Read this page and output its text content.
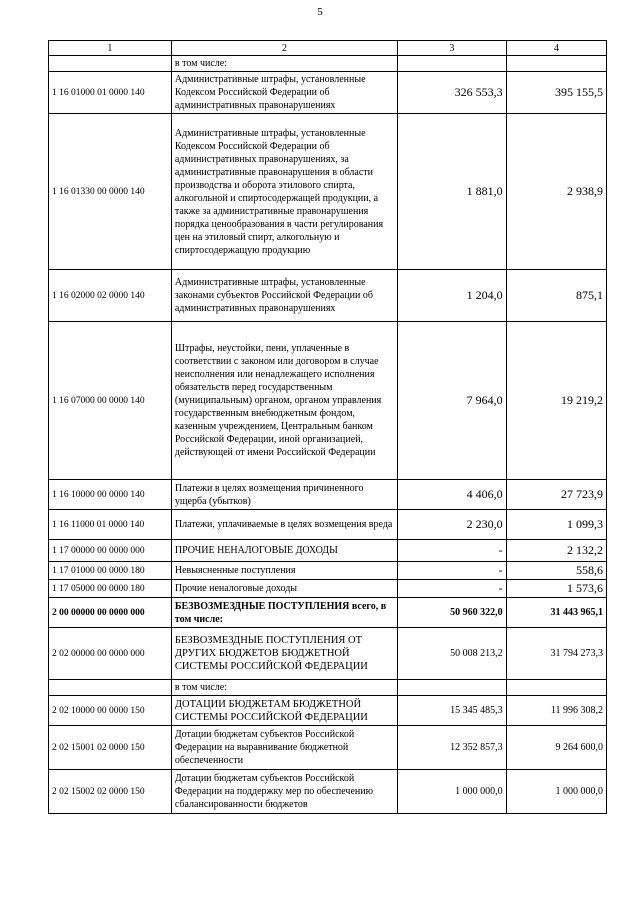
5
1	2	3	4
	в том числе:		
1 16 01000 01 0000 140	Административные штрафы, установленные Кодексом Российской Федерации об административных правонарушениях	326 553,3	395 155,5
1 16 01330 00 0000 140	Административные штрафы, установленные Кодексом Российской Федерации об административных правонарушениях, за административные правонарушения в области производства и оборота этилового спирта, алкогольной и спиртосодержащей продукции, а также за административные правонарушения порядка ценообразования в части регулирования цен на этиловый спирт, алкогольную и спиртосодержащую продукцию	1 881,0	2 938,9
1 16 02000 02 0000 140	Административные штрафы, установленные законами субъектов Российской Федерации об административных правонарушениях	1 204,0	875,1
1 16 07000 00 0000 140	Штрафы, неустойки, пени, уплаченные в соответствии с законом или договором в случае неисполнения или ненадлежащего исполнения обязательств перед государственным (муниципальным) органом, органом управления государственным внебюджетным фондом, казенным учреждением, Центральным банком Российской Федерации, иной организацией, действующей от имени Российской Федерации	7 964,0	19 219,2
1 16 10000 00 0000 140	Платежи в целях возмещения причиненного ущерба (убытков)	4 406,0	27 723,9
1 16 11000 01 0000 140	Платежи, уплачиваемые в целях возмещения вреда	2 230,0	1 099,3
1 17 00000 00 0000 000	ПРОЧИЕ НЕНАЛОГОВЫЕ ДОХОДЫ	-	2 132,2
1 17 01000 00 0000 180	Невыясненные поступления	-	558,6
1 17 05000 00 0000 180	Прочие неналоговые доходы	-	1 573,6
2 00 00000 00 0000 000	БЕЗВОЗМЕЗДНЫЕ ПОСТУПЛЕНИЯ всего, в том числе:	50 960 322,0	31 443 965,1
2 02 00000 00 0000 000	БЕЗВОЗМЕЗДНЫЕ ПОСТУПЛЕНИЯ ОТ ДРУГИХ БЮДЖЕТОВ БЮДЖЕТНОЙ СИСТЕМЫ РОССИЙСКОЙ ФЕДЕРАЦИИ	50 008 213,2	31 794 273,3
	в том числе:		
2 02 10000 00 0000 150	ДОТАЦИИ БЮДЖЕТАМ БЮДЖЕТНОЙ СИСТЕМЫ РОССИЙСКОЙ ФЕДЕРАЦИИ	15 345 485,3	11 996 308,2
2 02 15001 02 0000 150	Дотации бюджетам субъектов Российской Федерации на выравнивание бюджетной обеспеченности	12 352 857,3	9 264 600,0
2 02 15002 02 0000 150	Дотации бюджетам субъектов Российской Федерации на поддержку мер по обеспечению сбалансированности бюджетов	1 000 000,0	1 000 000,0
